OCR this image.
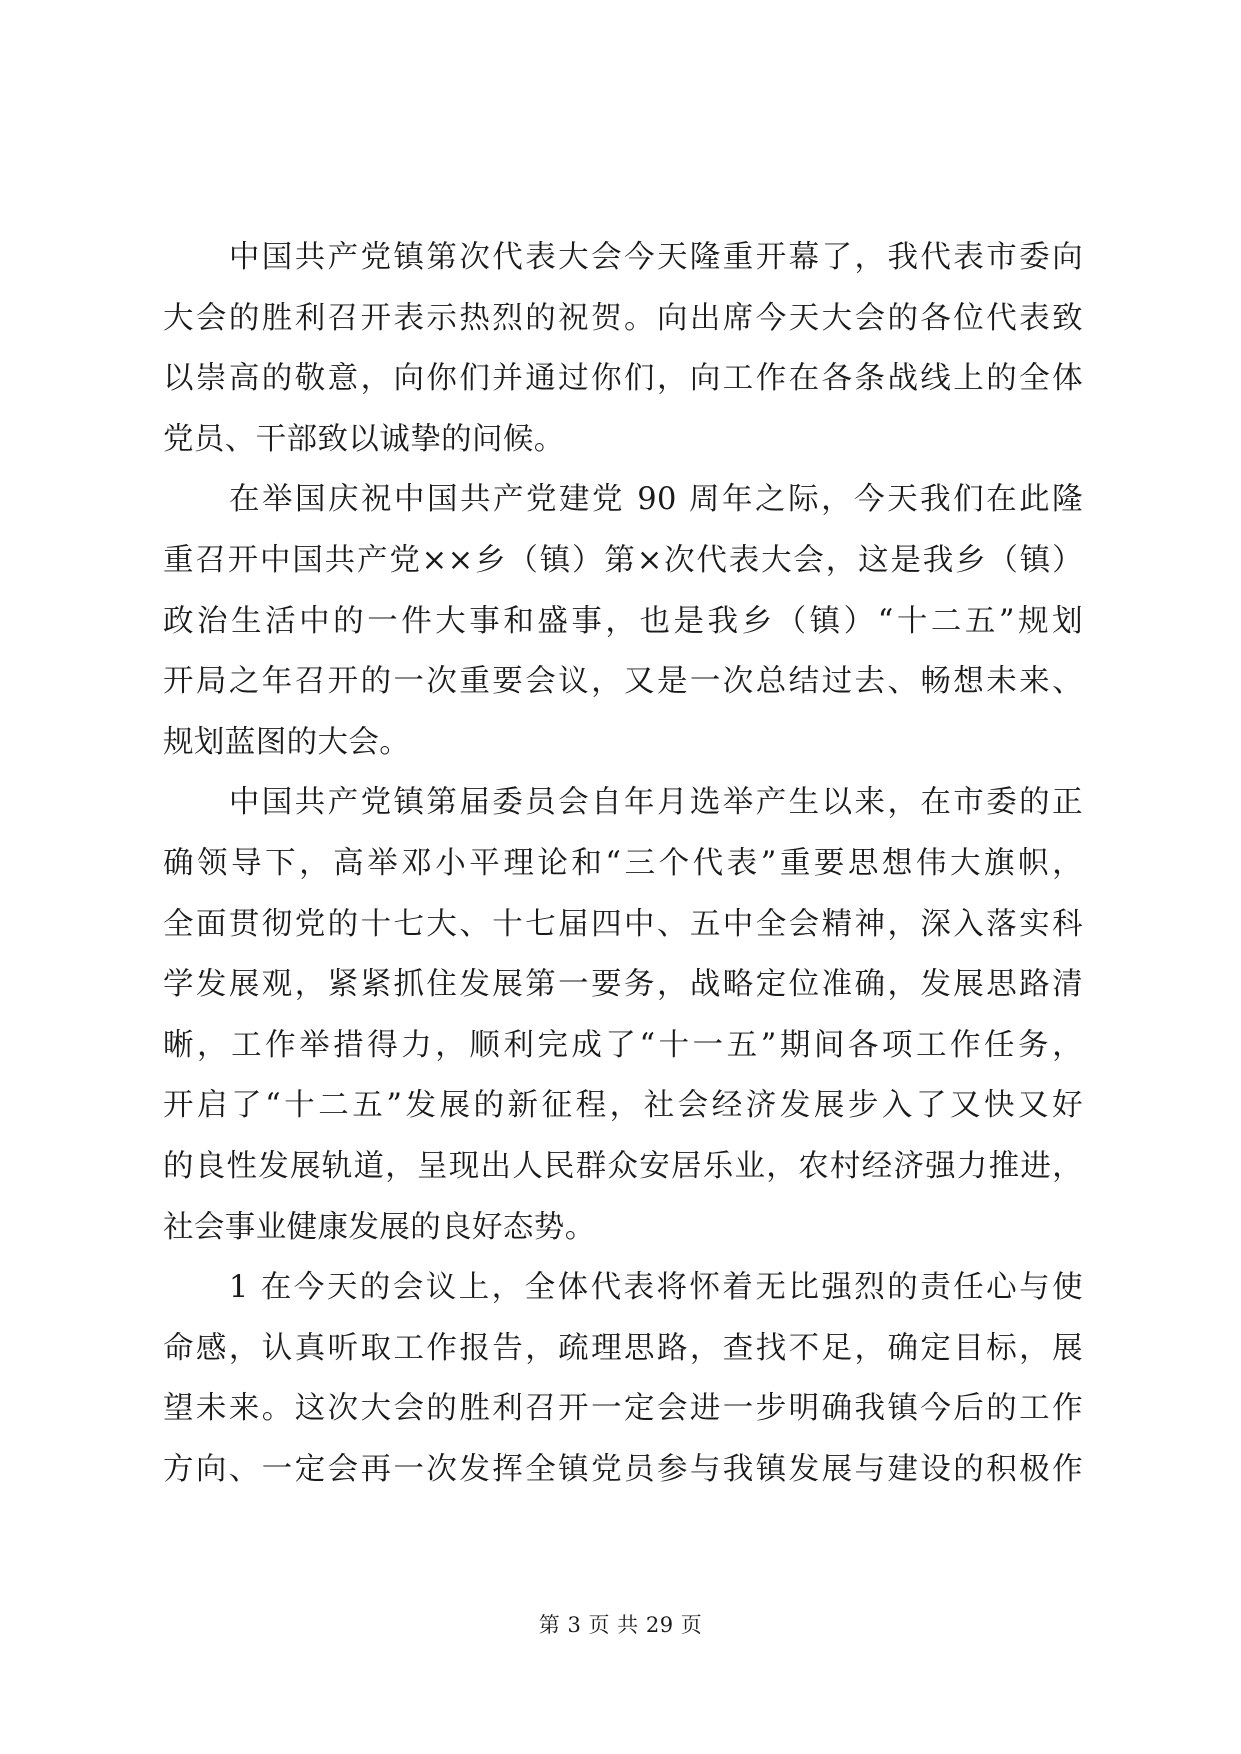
　　中国共产党镇第次代表大会今天隆重开幕了，我代表市委向
大会的胜利召开表示热烈的祝贺。向出席今天大会的各位代表致
以崇高的敬意，向你们并通过你们，向工作在各条战线上的全体
党员、干部致以诚挚的问候。

　　在举国庆祝中国共产党建党 90 周年之际，今天我们在此隆
重召开中国共产党××乡（镇）第×次代表大会，这是我乡（镇）
政治生活中的一件大事和盛事，也是我乡（镇）“十二五”规划
开局之年召开的一次重要会议，又是一次总结过去、畅想未来、
规划蓝图的大会。

　　中国共产党镇第届委员会自年月选举产生以来，在市委的正
确领导下，高举邓小平理论和“三个代表”重要思想伟大旗帜，
全面贯彻党的十七大、十七届四中、五中全会精神，深入落实科
学发展观，紧紧抓住发展第一要务，战略定位准确，发展思路清
晰，工作举措得力，顺利完成了“十一五”期间各项工作任务，
开启了“十二五”发展的新征程，社会经济发展步入了又快又好
的良性发展轨道，呈现出人民群众安居乐业，农村经济强力推进，
社会事业健康发展的良好态势。

　　1 在今天的会议上，全体代表将怀着无比强烈的责任心与使
命感，认真听取工作报告，疏理思路，查找不足，确定目标，展
望未来。这次大会的胜利召开一定会进一步明确我镇今后的工作
方向、一定会再一次发挥全镇党员参与我镇发展与建设的积极作

第 3 页 共 29 页
